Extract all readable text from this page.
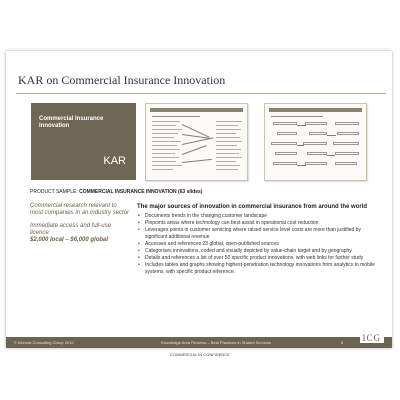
KAR on Commercial Insurance Innovation
Commercial Insurance Innovation
KAR
PRODUCT SAMPLE: COMMERCIAL INSURANCE INNOVATION (63 slides)

Commercial research relevant to most companies in an industry sector

Immediate access and full-use licence:

$2,000 local – $6,000 global

The major sources of innovation in commercial insurance from around the world
• Documents trends in the changing customer landscape
• Pinpoints areas where technology can best assist in operational cost reduction
• Leverages points in customer servicing where raised service level costs are more than justified by significant additional revenue
• Accesses and references 23 global, open-published sources
• Categorises innovations, coded and visually depicted by value-chain target and by geography
• Details and references a list of over 50 specific product innovations, with web links for further study
• Includes tables and graphs showing highest-penetration technology innovations from analytics to mobile systems, with specific product reference.
© Internal Consulting Group 2012	Knowledge Area Reviews – Best Practices in Shared Services	6	ICG
COMMERCIAL IN CONFIDENCE
